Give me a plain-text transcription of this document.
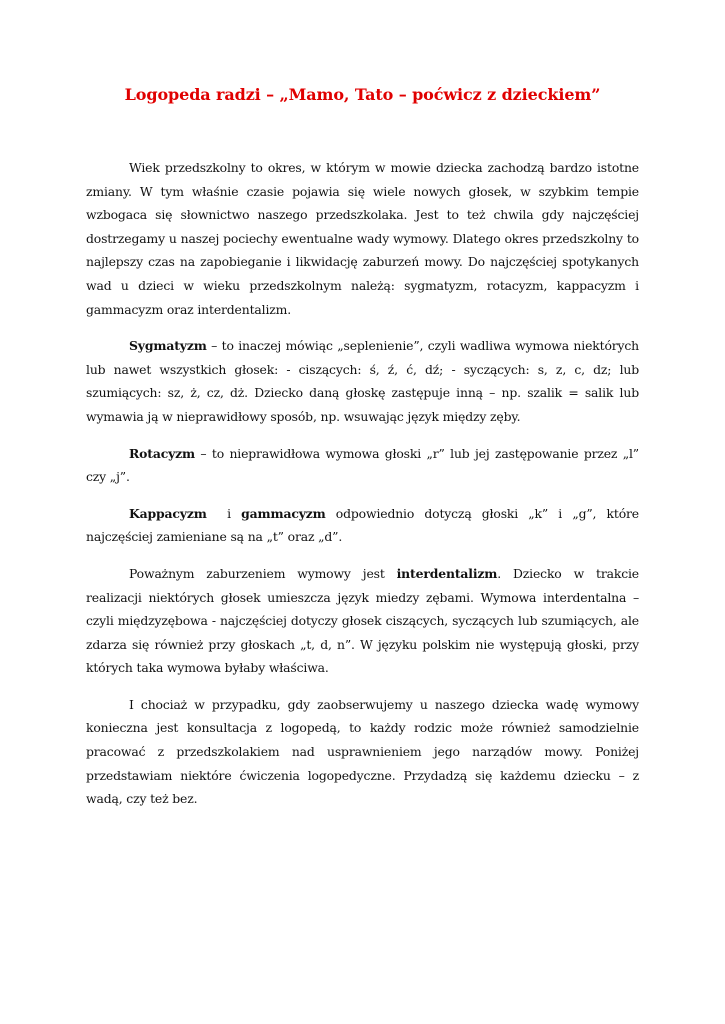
Logopeda radzi – „Mamo, Tato – poćwicz z dzieckiem”

Wiek przedszkolny to okres, w którym w mowie dziecka zachodzą bardzo istotne zmiany. W tym właśnie czasie pojawia się wiele nowych głosek, w szybkim tempie wzbogaca się słownictwo naszego przedszkolaka. Jest to też chwila gdy najczęściej dostrzegamy u naszej pociechy ewentualne wady wymowy. Dlatego okres przedszkolny to najlepszy czas na zapobieganie i likwidację zaburzeń mowy. Do najczęściej spotykanych wad u dzieci w wieku przedszkolnym należą: sygmatyzm, rotacyzm, kappacyzm i gammacyzm oraz interdentalizm.

Sygmatyzm – to inaczej mówiąc „seplenienie”, czyli wadliwa wymowa niektórych lub nawet wszystkich głosek: - ciszących: ś, ź, ć, dź; - syczących: s, z, c, dz; lub szumiących: sz, ż, cz, dż. Dziecko daną głoskę zastępuje inną – np. szalik = salik lub wymawia ją w nieprawidłowy sposób, np. wsuwając język między zęby.

Rotacyzm – to nieprawidłowa wymowa głoski „r” lub jej zastępowanie przez „l” czy „j”.

Kappacyzm  i gammacyzm odpowiednio dotyczą głoski „k” i „g”, które najczęściej zamieniane są na „t” oraz „d”.

Poważnym zaburzeniem wymowy jest interdentalizm. Dziecko w trakcie realizacji niektórych głosek umieszcza język miedzy zębami. Wymowa interdentalna – czyli międzyzębowa - najczęściej dotyczy głosek ciszących, syczących lub szumiących, ale zdarza się również przy głoskach „t, d, n”. W języku polskim nie występują głoski, przy których taka wymowa byłaby właściwa.

I chociaż w przypadku, gdy zaobserwujemy u naszego dziecka wadę wymowy konieczna jest konsultacja z logopedą, to każdy rodzic może również samodzielnie pracować z przedszkolakiem nad usprawnieniem jego narządów mowy. Poniżej przedstawiam niektóre ćwiczenia logopedyczne. Przydadzą się każdemu dziecku – z wadą, czy też bez.
